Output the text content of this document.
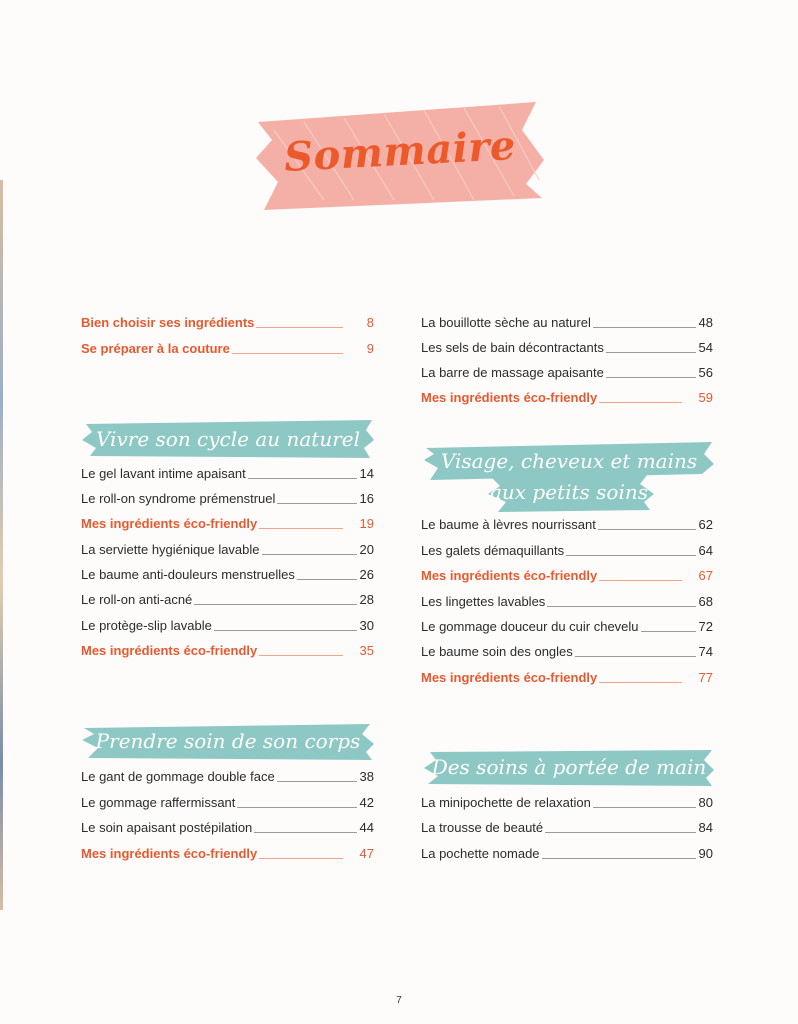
Sommaire
Bien choisir ses ingrédients	8
Se préparer à la couture	9
Vivre son cycle au naturel
Le gel lavant intime apaisant	14
Le roll-on syndrome prémenstruel	16
Mes ingrédients éco-friendly	19
La serviette hygiénique lavable	20
Le baume anti-douleurs menstruelles	26
Le roll-on anti-acné	28
Le protège-slip lavable	30
Mes ingrédients éco-friendly	35
Prendre soin de son corps
Le gant de gommage double face	38
Le gommage raffermissant	42
Le soin apaisant postépilation	44
Mes ingrédients éco-friendly	47
La bouillotte sèche au naturel	48
Les sels de bain décontractants	54
La barre de massage apaisante	56
Mes ingrédients éco-friendly	59
Visage, cheveux et mains
aux petits soins
Le baume à lèvres nourrissant	62
Les galets démaquillants	64
Mes ingrédients éco-friendly	67
Les lingettes lavables	68
Le gommage douceur du cuir chevelu	72
Le baume soin des ongles	74
Mes ingrédients éco-friendly	77
Des soins à portée de main
La minipochette de relaxation	80
La trousse de beauté	84
La pochette nomade	90
7
